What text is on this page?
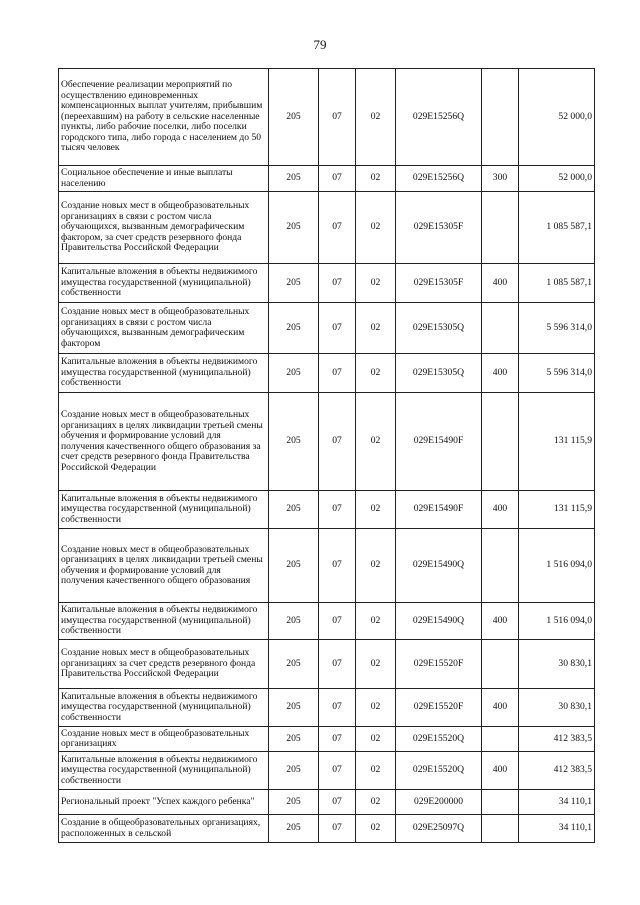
79
Обеспечение реализации мероприятий по осуществлению единовременных компенсационных выплат учителям, прибывшим (переехавшим) на работу в сельские населенные пункты, либо рабочие поселки, либо поселки городского типа, либо города с населением до 50 тысяч человек	205	07	02	029E15256Q		52 000,0
Социальное обеспечение и иные выплаты населению	205	07	02	029E15256Q	300	52 000,0
Создание новых мест в общеобразовательных организациях в связи с ростом числа обучающихся, вызванным демографическим фактором, за счет средств резервного фонда Правительства Российской Федерации	205	07	02	029E15305F		1 085 587,1
Капитальные вложения в объекты недвижимого имущества государственной (муниципальной) собственности	205	07	02	029E15305F	400	1 085 587,1
Создание новых мест в общеобразовательных организациях в связи с ростом числа обучающихся, вызванным демографическим фактором	205	07	02	029E15305Q		5 596 314,0
Капитальные вложения в объекты недвижимого имущества государственной (муниципальной) собственности	205	07	02	029E15305Q	400	5 596 314,0
Создание новых мест в общеобразовательных организациях в целях ликвидации третьей смены обучения и формирование условий для получения качественного общего образования за счет средств резервного фонда Правительства Российской Федерации	205	07	02	029E15490F		131 115,9
Капитальные вложения в объекты недвижимого имущества государственной (муниципальной) собственности	205	07	02	029E15490F	400	131 115,9
Создание новых мест в общеобразовательных организациях в целях ликвидации третьей смены обучения и формирование условий для получения качественного общего образования	205	07	02	029E15490Q		1 516 094,0
Капитальные вложения в объекты недвижимого имущества государственной (муниципальной) собственности	205	07	02	029E15490Q	400	1 516 094,0
Создание новых мест в общеобразовательных организациях за счет средств резервного фонда Правительства Российской Федерации	205	07	02	029E15520F		30 830,1
Капитальные вложения в объекты недвижимого имущества государственной (муниципальной) собственности	205	07	02	029E15520F	400	30 830,1
Создание новых мест в общеобразовательных организациях	205	07	02	029E15520Q		412 383,5
Капитальные вложения в объекты недвижимого имущества государственной (муниципальной) собственности	205	07	02	029E15520Q	400	412 383,5
Региональный проект "Успех каждого ребенка"	205	07	02	029E200000		34 110,1
Создание в общеобразовательных организациях, расположенных в сельской	205	07	02	029E25097Q		34 110,1
